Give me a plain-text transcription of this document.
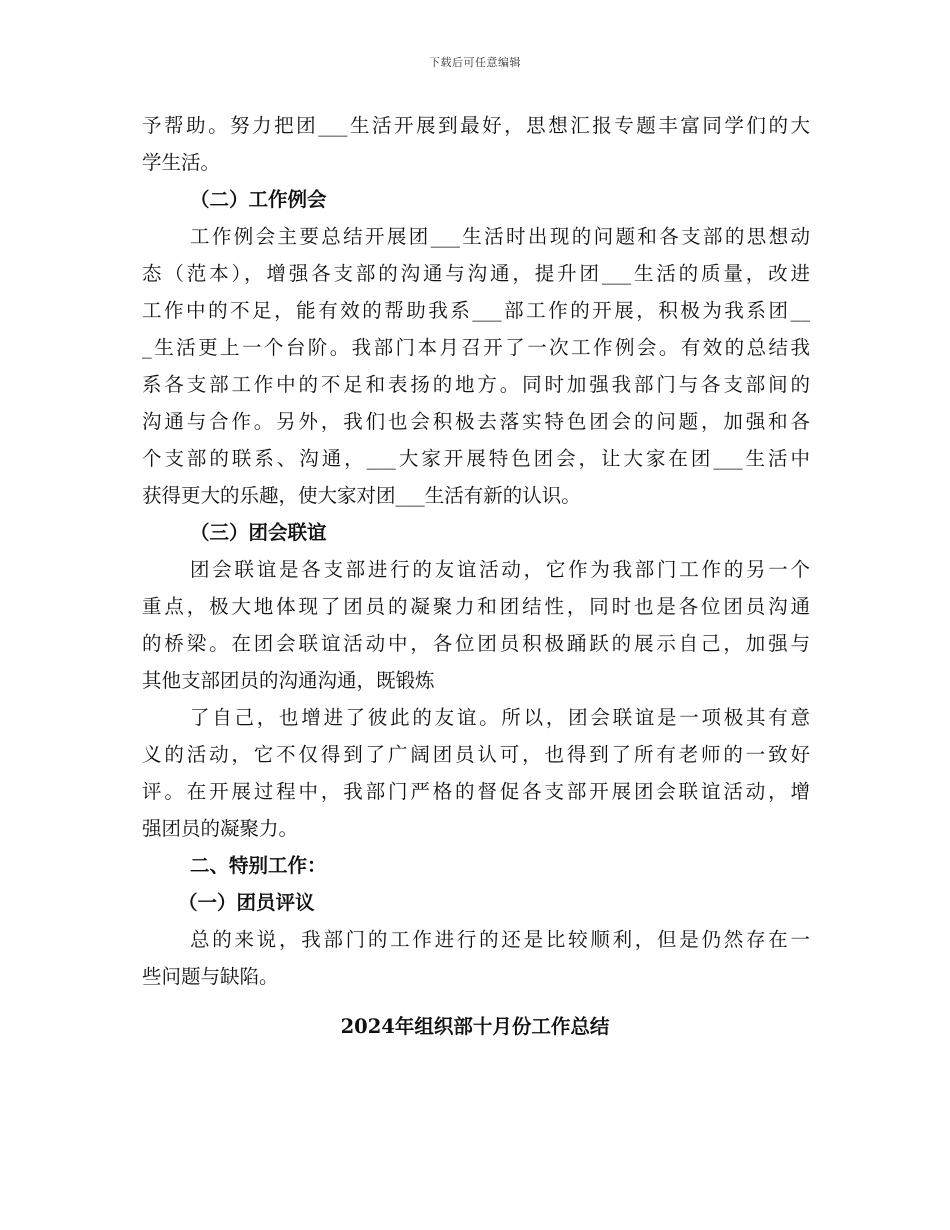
下载后可任意编辑
予帮助。努力把团___生活开展到最好，思想汇报专题丰富同学们的大
学生活。
（二）工作例会
工作例会主要总结开展团___生活时出现的问题和各支部的思想动
态（范本），增强各支部的沟通与沟通，提升团___生活的质量，改进
工作中的不足，能有效的帮助我系___部工作的开展，积极为我系团__
_生活更上一个台阶。我部门本月召开了一次工作例会。有效的总结我
系各支部工作中的不足和表扬的地方。同时加强我部门与各支部间的
沟通与合作。另外，我们也会积极去落实特色团会的问题，加强和各
个支部的联系、沟通，___大家开展特色团会，让大家在团___生活中
获得更大的乐趣，使大家对团___生活有新的认识。
（三）团会联谊
团会联谊是各支部进行的友谊活动，它作为我部门工作的另一个
重点，极大地体现了团员的凝聚力和团结性，同时也是各位团员沟通
的桥梁。在团会联谊活动中，各位团员积极踊跃的展示自己，加强与
其他支部团员的沟通沟通，既锻炼
了自己，也增进了彼此的友谊。所以，团会联谊是一项极其有意
义的活动，它不仅得到了广阔团员认可，也得到了所有老师的一致好
评。在开展过程中，我部门严格的督促各支部开展团会联谊活动，增
强团员的凝聚力。
二、特别工作：
（一）团员评议
总的来说，我部门的工作进行的还是比较顺利，但是仍然存在一
些问题与缺陷。
2024年组织部十月份工作总结
